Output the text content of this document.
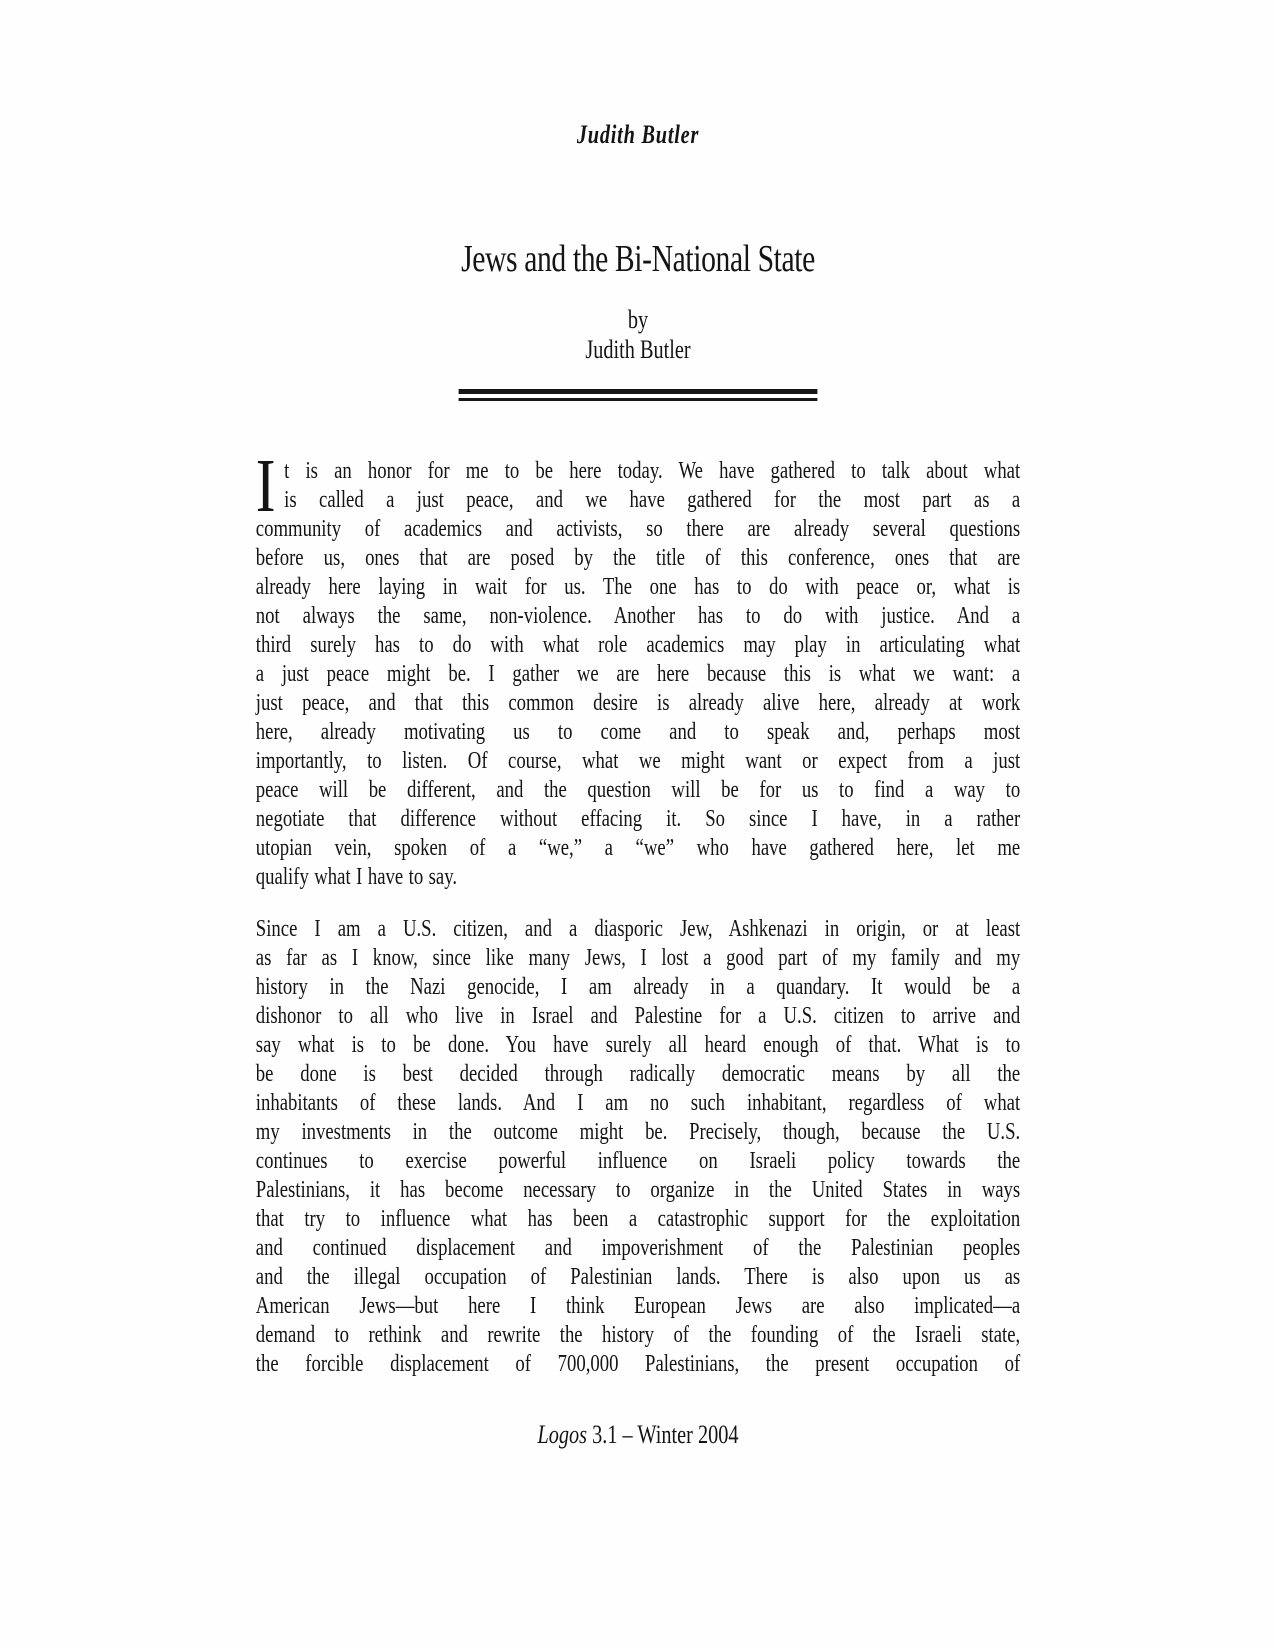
Judith Butler
Jews and the Bi-National State
by
Judith Butler
I t is an honor for me to be here today. We have gathered to talk about what
is called a just peace, and we have gathered for the most part as a
community of academics and activists, so there are already several questions
before us, ones that are posed by the title of this conference, ones that are
already here laying in wait for us. The one has to do with peace or, what is
not always the same, non-violence. Another has to do with justice. And a
third surely has to do with what role academics may play in articulating what
a just peace might be. I gather we are here because this is what we want: a
just peace, and that this common desire is already alive here, already at work
here, already motivating us to come and to speak and, perhaps most
importantly, to listen. Of course, what we might want or expect from a just
peace will be different, and the question will be for us to find a way to
negotiate that difference without effacing it. So since I have, in a rather
utopian vein, spoken of a “we,” a “we” who have gathered here, let me
qualify what I have to say.
Since I am a U.S. citizen, and a diasporic Jew, Ashkenazi in origin, or at least
as far as I know, since like many Jews, I lost a good part of my family and my
history in the Nazi genocide, I am already in a quandary. It would be a
dishonor to all who live in Israel and Palestine for a U.S. citizen to arrive and
say what is to be done. You have surely all heard enough of that. What is to
be done is best decided through radically democratic means by all the
inhabitants of these lands. And I am no such inhabitant, regardless of what
my investments in the outcome might be. Precisely, though, because the U.S.
continues to exercise powerful influence on Israeli policy towards the
Palestinians, it has become necessary to organize in the United States in ways
that try to influence what has been a catastrophic support for the exploitation
and continued displacement and impoverishment of the Palestinian peoples
and the illegal occupation of Palestinian lands. There is also upon us as
American Jews—but here I think European Jews are also implicated—a
demand to rethink and rewrite the history of the founding of the Israeli state,
the forcible displacement of 700,000 Palestinians, the present occupation of
Logos 3.1 – Winter 2004
